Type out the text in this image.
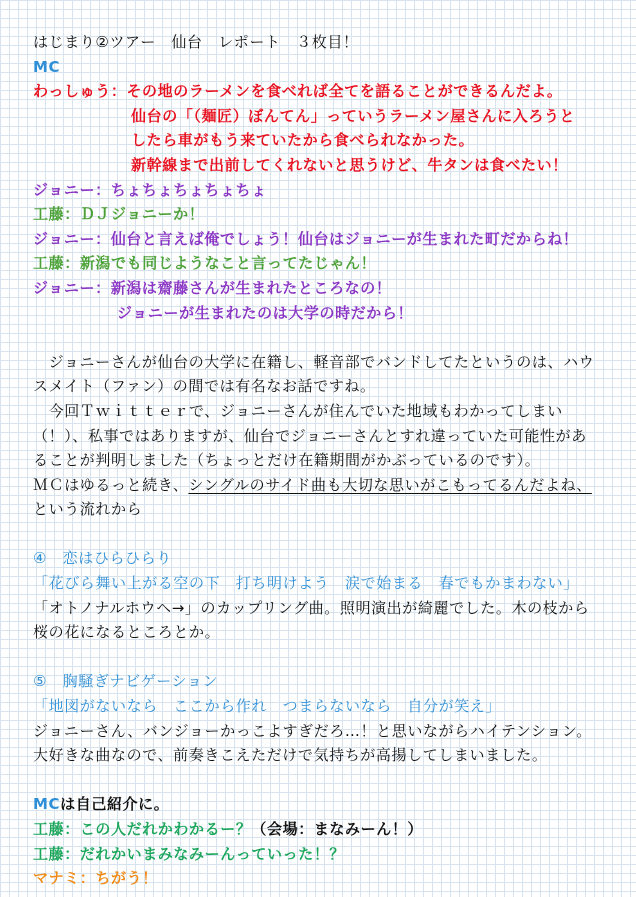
はじまり②ツアー　仙台　レポート　３枚目！
MC
わっしゅう：その地のラーメンを食べれば全てを語ることができるんだよ。
仙台の「（麺匠）ぼんてん」っていうラーメン屋さんに入ろうと
したら車がもう来ていたから食べられなかった。
新幹線まで出前してくれないと思うけど、牛タンは食べたい！
ジョニー：ちょちょちょちょちょ
工藤：ＤＪジョニーか！
ジョニー：仙台と言えば俺でしょう！仙台はジョニーが生まれた町だからね！
工藤：新潟でも同じようなこと言ってたじゃん！
ジョニー：新潟は齋藤さんが生まれたところなの！
ジョニーが生まれたのは大学の時だから！
　ジョニーさんが仙台の大学に在籍し、軽音部でバンドしてたというのは、ハウ
スメイト（ファン）の間では有名なお話ですね。
　今回Ｔｗｉｔｔｅｒで、ジョニーさんが住んでいた地域もわかってしまい
（！）、私事ではありますが、仙台でジョニーさんとすれ違っていた可能性があ
ることが判明しました（ちょっとだけ在籍期間がかぶっているのです）。
ＭＣはゆるっと続き、シングルのサイド曲も大切な思いがこもってるんだよね、
という流れから
④　恋はひらひらり
「花びら舞い上がる空の下　打ち明けよう　涙で始まる　春でもかまわない」
「オトノナルホウヘ→」のカップリング曲。照明演出が綺麗でした。木の枝から
桜の花になるところとか。
⑤　胸騒ぎナビゲーション
「地図がないなら　ここから作れ　つまらないなら　自分が笑え」
ジョニーさん、バンジョーかっこよすぎだろ…！と思いながらハイテンション。
大好きな曲なので、前奏きこえただけで気持ちが高揚してしまいました。
MCは自己紹介に。
工藤：この人だれかわかるー？（会場：まなみーん！）
工藤：だれかいまみなみーんっていった！？
マナミ：ちがう！
